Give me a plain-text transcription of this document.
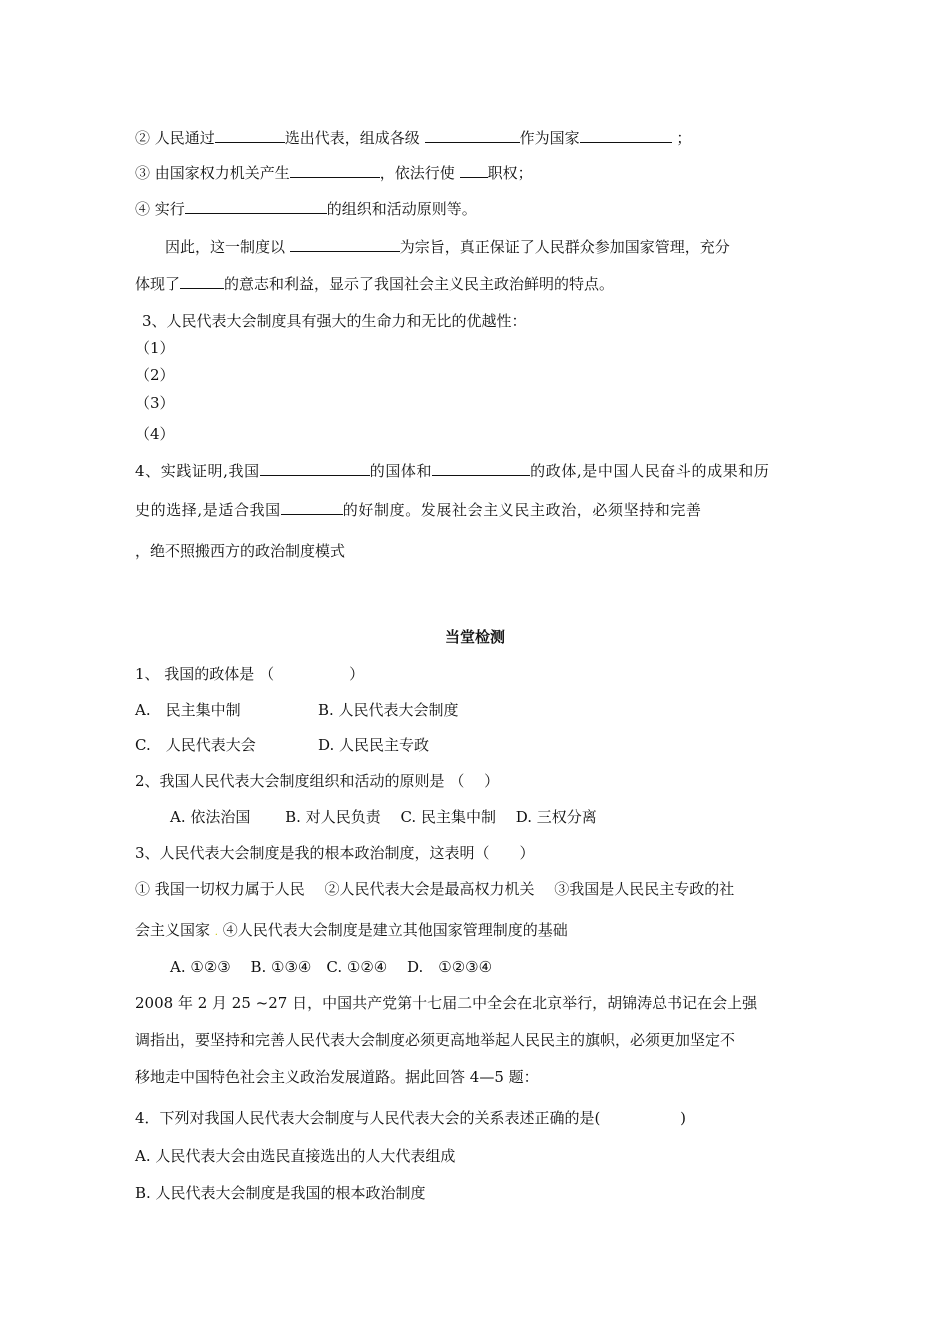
② 人民通过	选出代表，组成各级	作为国家	；
③ 由国家权力机关产生	，依法行使 职权；
④ 实行	的组织和活动原则等。
因此，这一制度以	为宗旨，真正保证了人民群众参加国家管理，充分
体现了	的意志和利益，显示了我国社会主义民主政治鲜明的特点。
3、人民代表大会制度具有强大的生命力和无比的优越性：
（1）
（2）
（3）
（4）
4、实践证明,我国	的国体和	的政体,是中国人民奋斗的成果和历
史的选择,是适合我国	的好制度。发展社会主义民主政治，必须坚持和完善
，绝不照搬西方的政治制度模式
当堂检测
1、 我国的政体是 （　　　　　）
A.　民主集中制	B. 人民代表大会制度
C.　人民代表大会	D. 人民民主专政
2、我国人民代表大会制度组织和活动的原则是 （　 ）
A. 依法治国　　 B. 对人民负责　 C. 民主集中制　 D. 三权分离
3、人民代表大会制度是我的根本政治制度，这表明（　　）
① 我国一切权力属于人民　 ②人民代表大会是最高权力机关　 ③我国是人民民主专政的社
会主义国家 . ④人民代表大会制度是建立其他国家管理制度的基础
A. ①②③　 B. ①③④　 C. ①②④　 D.　①②③④
2008 年 2 月 25 ~27 日，中国共产党第十七届二中全会在北京举行，胡锦涛总书记在会上强
调指出，要坚持和完善人民代表大会制度必须更高地举起人民民主的旗帜，必须更加坚定不
移地走中国特色社会主义政治发展道路。据此回答 4—5 题：
4．下列对我国人民代表大会制度与人民代表大会的关系表述正确的是(　　　　　 )
A. 人民代表大会由选民直接选出的人大代表组成
B. 人民代表大会制度是我国的根本政治制度
